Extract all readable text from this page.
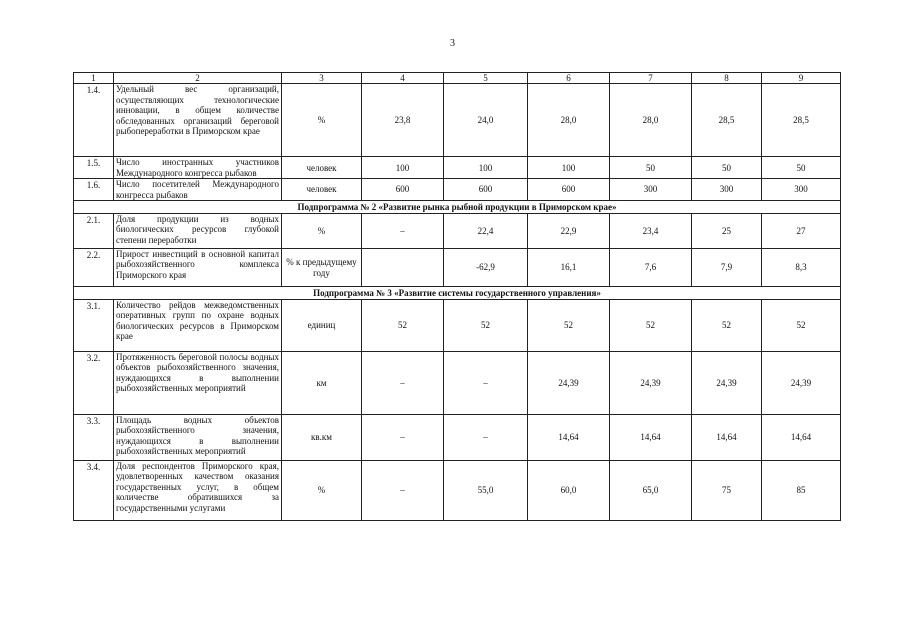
3
1	2	3	4	5	6	7	8	9
1.4.	Удельный вес организаций, осуществляющих технологические инновации, в общем количестве обследованных организаций береговой рыбопереработки в Приморском крае	%	23,8	24,0	28,0	28,0	28,5	28,5
1.5.	Число иностранных участников Международного конгресса рыбаков	человек	100	100	100	50	50	50
1.6.	Число посетителей Международного конгресса рыбаков	человек	600	600	600	300	300	300
Подпрограмма № 2 «Развитие рынка рыбной продукции в Приморском крае»								
2.1.	Доля продукции из водных биологических ресурсов глубокой степени переработки	%	–	22,4	22,9	23,4	25	27
2.2.	Прирост инвестиций в основной капитал рыбохозяйственного комплекса Приморского края	% к предыдущему году		-62,9	16,1	7,6	7,9	8,3
Подпрограмма № 3 «Развитие системы государственного управления»								
3.1.	Количество рейдов межведомственных оперативных групп по охране водных биологических ресурсов в Приморском крае	единиц	52	52	52	52	52	52
3.2.	Протяженность береговой полосы водных объектов рыбохозяйственного значения, нуждающихся в выполнении рыбохозяйственных мероприятий	км	–	–	24,39	24,39	24,39	24,39
3.3.	Площадь водных объектов рыбохозяйственного значения, нуждающихся в выполнении рыбохозяйственных мероприятий	кв.км	–	–	14,64	14,64	14,64	14,64
3.4.	Доля респондентов Приморского края, удовлетворенных качеством оказания государственных услуг, в общем количестве обратившихся за государственными услугами	%	–	55,0	60,0	65,0	75	85
